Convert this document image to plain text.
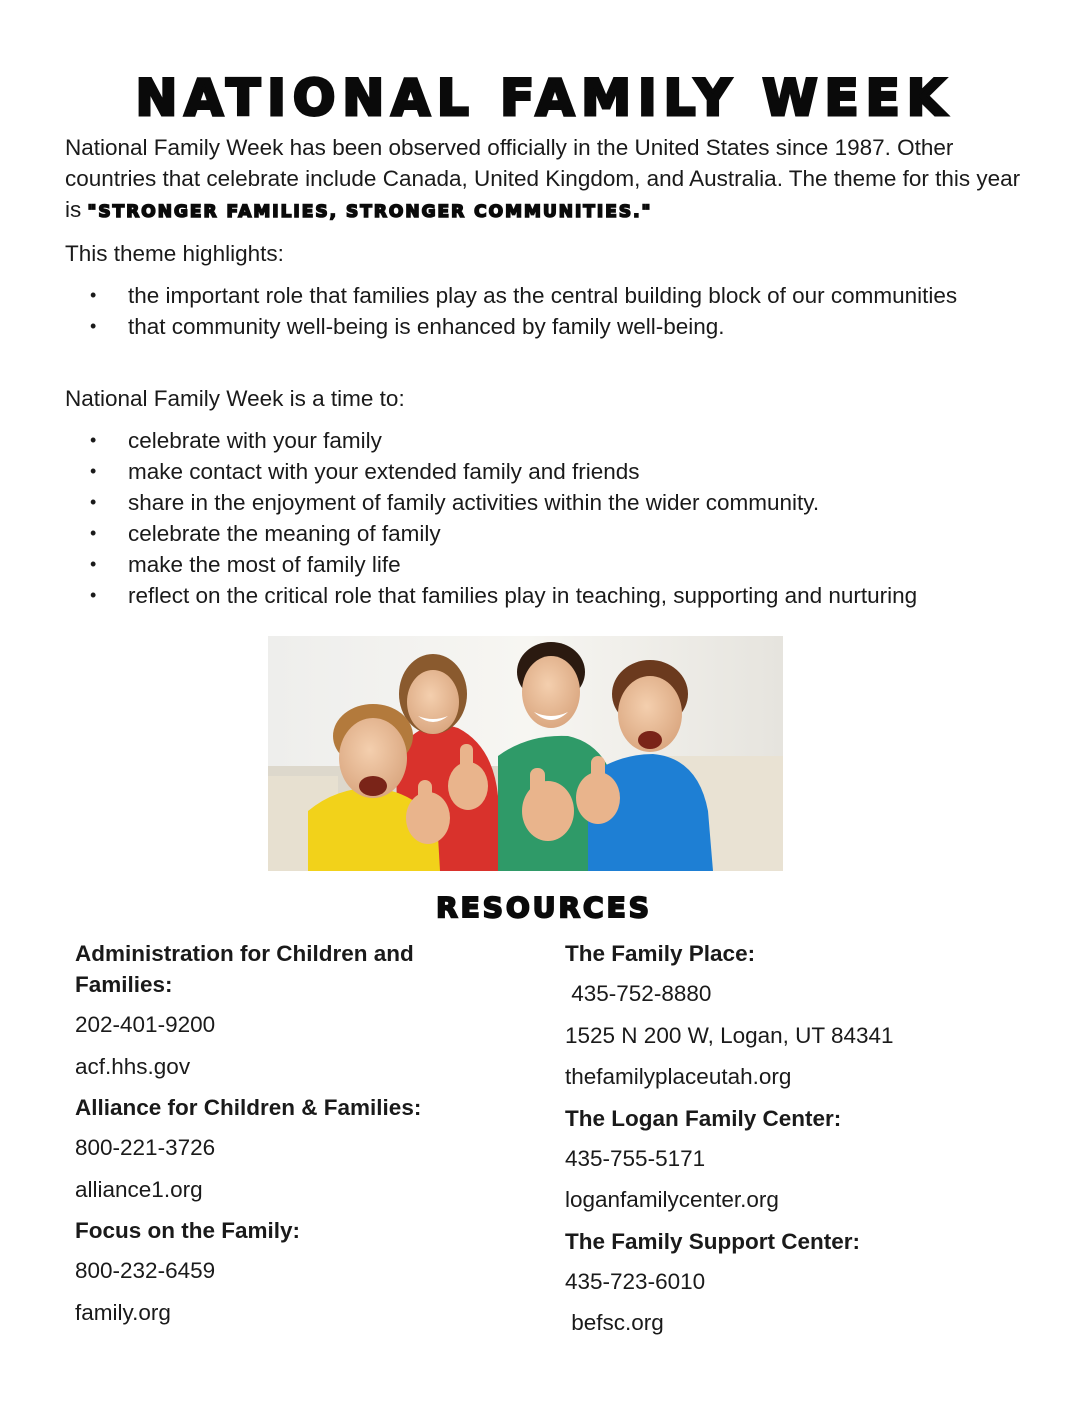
NATIONAL FAMILY WEEK
National Family Week has been observed officially in the United States since 1987. Other countries that celebrate include Canada, United Kingdom, and Australia. The theme for this year is "STRONGER FAMILIES, STRONGER COMMUNITIES."
This theme highlights:
• the important role that families play as the central building block of our communities
• that community well-being is enhanced by family well-being.
National Family Week is a time to:
• celebrate with your family
• make contact with your extended family and friends
• share in the enjoyment of family activities within the wider community.
• celebrate the meaning of family
• make the most of family life
• reflect on the critical role that families play in teaching, supporting and nurturing
RESOURCES
Administration for Children and Families:
202-401-9200
acf.hhs.gov
Alliance for Children & Families:
800-221-3726
alliance1.org
Focus on the Family:
800-232-6459
family.org
The Family Place:
435-752-8880
1525 N 200 W, Logan, UT 84341
thefamilyplaceutah.org
The Logan Family Center:
435-755-5171
loganfamilycenter.org
The Family Support Center:
435-723-6010
befsc.org
